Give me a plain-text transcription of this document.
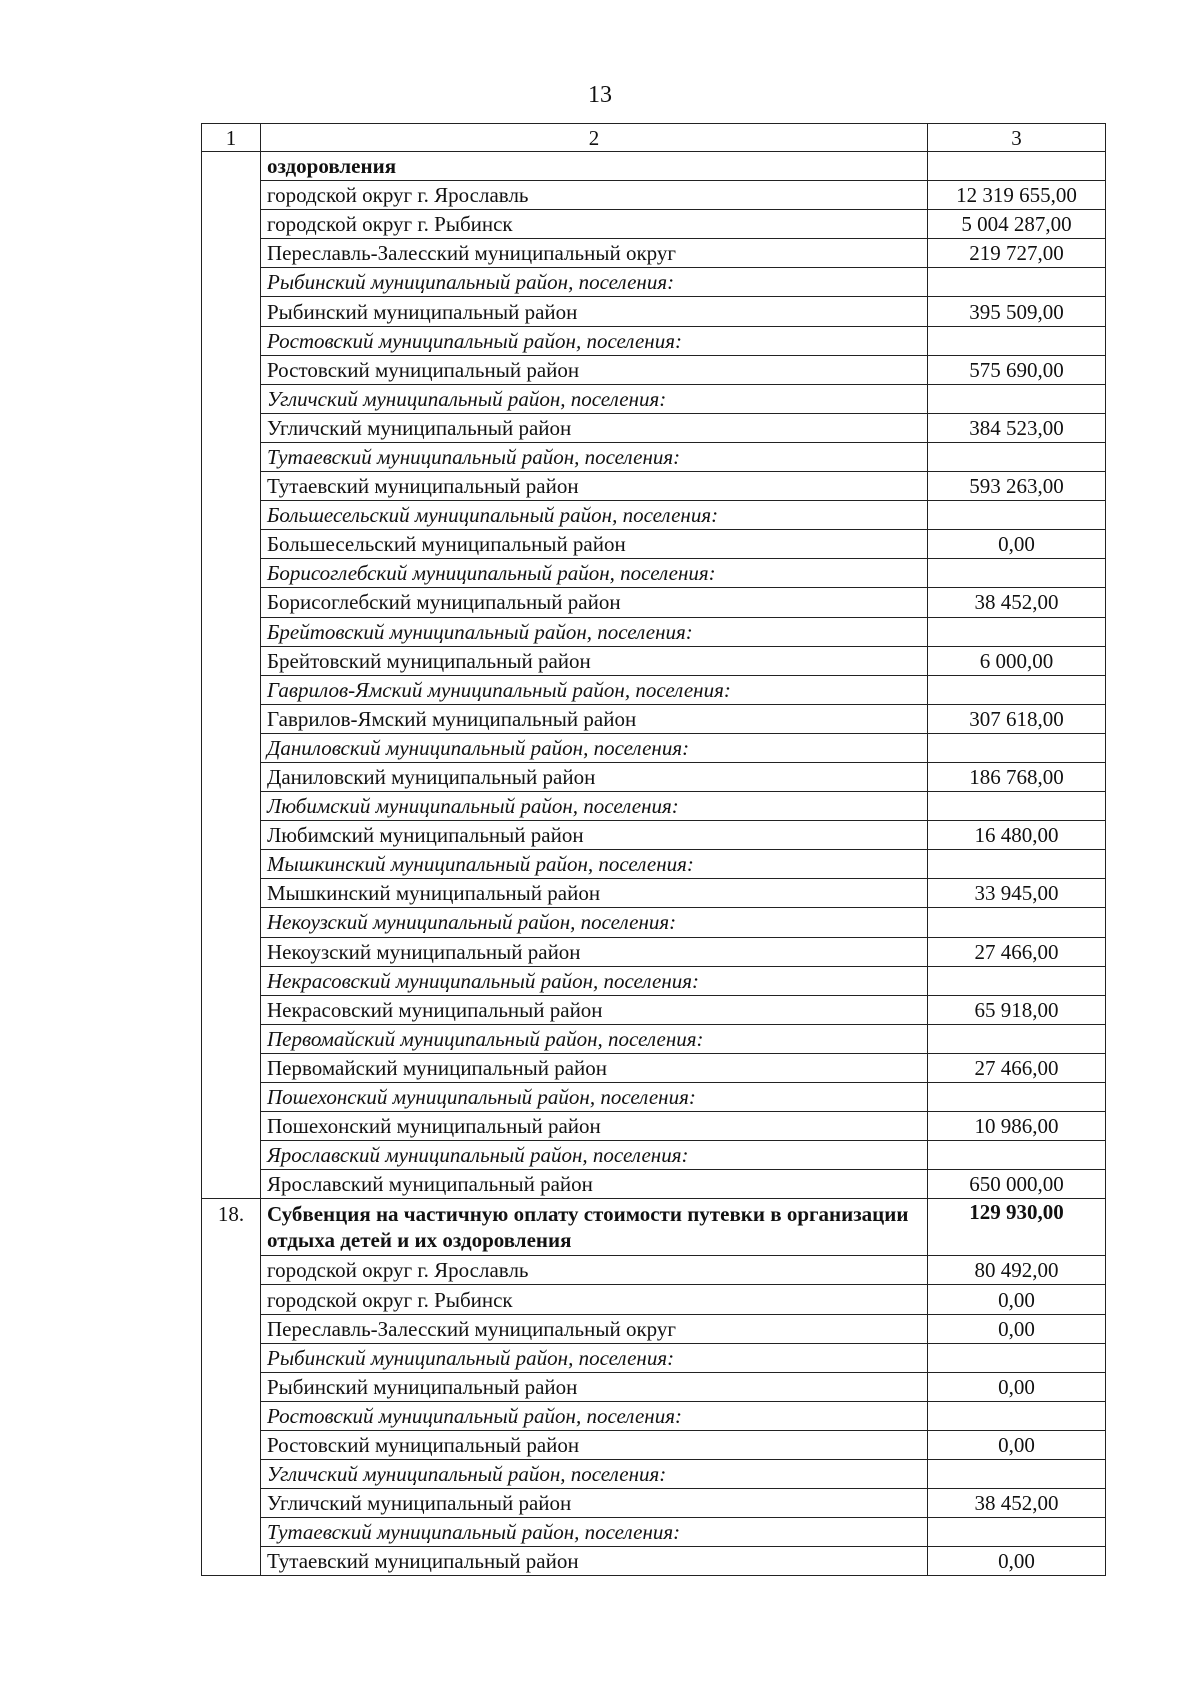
13
1	2	3
	оздоровления	
	городской округ г. Ярославль	12 319 655,00
	городской округ г. Рыбинск	5 004 287,00
	Переславль-Залесский муниципальный округ	219 727,00
	Рыбинский муниципальный район, поселения:	
	Рыбинский муниципальный район	395 509,00
	Ростовский муниципальный район, поселения:	
	Ростовский муниципальный район	575 690,00
	Угличский муниципальный район, поселения:	
	Угличский муниципальный район	384 523,00
	Тутаевский муниципальный район, поселения:	
	Тутаевский муниципальный район	593 263,00
	Большесельский муниципальный район, поселения:	
	Большесельский муниципальный район	0,00
	Борисоглебский муниципальный район, поселения:	
	Борисоглебский муниципальный район	38 452,00
	Брейтовский муниципальный район, поселения:	
	Брейтовский муниципальный район	6 000,00
	Гаврилов-Ямский муниципальный район, поселения:	
	Гаврилов-Ямский муниципальный район	307 618,00
	Даниловский муниципальный район, поселения:	
	Даниловский муниципальный район	186 768,00
	Любимский муниципальный район, поселения:	
	Любимский муниципальный район	16 480,00
	Мышкинский муниципальный район, поселения:	
	Мышкинский муниципальный район	33 945,00
	Некоузский муниципальный район, поселения:	
	Некоузский муниципальный район	27 466,00
	Некрасовский муниципальный район, поселения:	
	Некрасовский муниципальный район	65 918,00
	Первомайский муниципальный район, поселения:	
	Первомайский муниципальный район	27 466,00
	Пошехонский муниципальный район, поселения:	
	Пошехонский муниципальный район	10 986,00
	Ярославский муниципальный район, поселения:	
	Ярославский муниципальный район	650 000,00
18.	Субвенция на частичную оплату стоимости путевки в организации отдыха детей и их оздоровления	129 930,00
	городской округ г. Ярославль	80 492,00
	городской округ г. Рыбинск	0,00
	Переславль-Залесский муниципальный округ	0,00
	Рыбинский муниципальный район, поселения:	
	Рыбинский муниципальный район	0,00
	Ростовский муниципальный район, поселения:	
	Ростовский муниципальный район	0,00
	Угличский муниципальный район, поселения:	
	Угличский муниципальный район	38 452,00
	Тутаевский муниципальный район, поселения:	
	Тутаевский муниципальный район	0,00
